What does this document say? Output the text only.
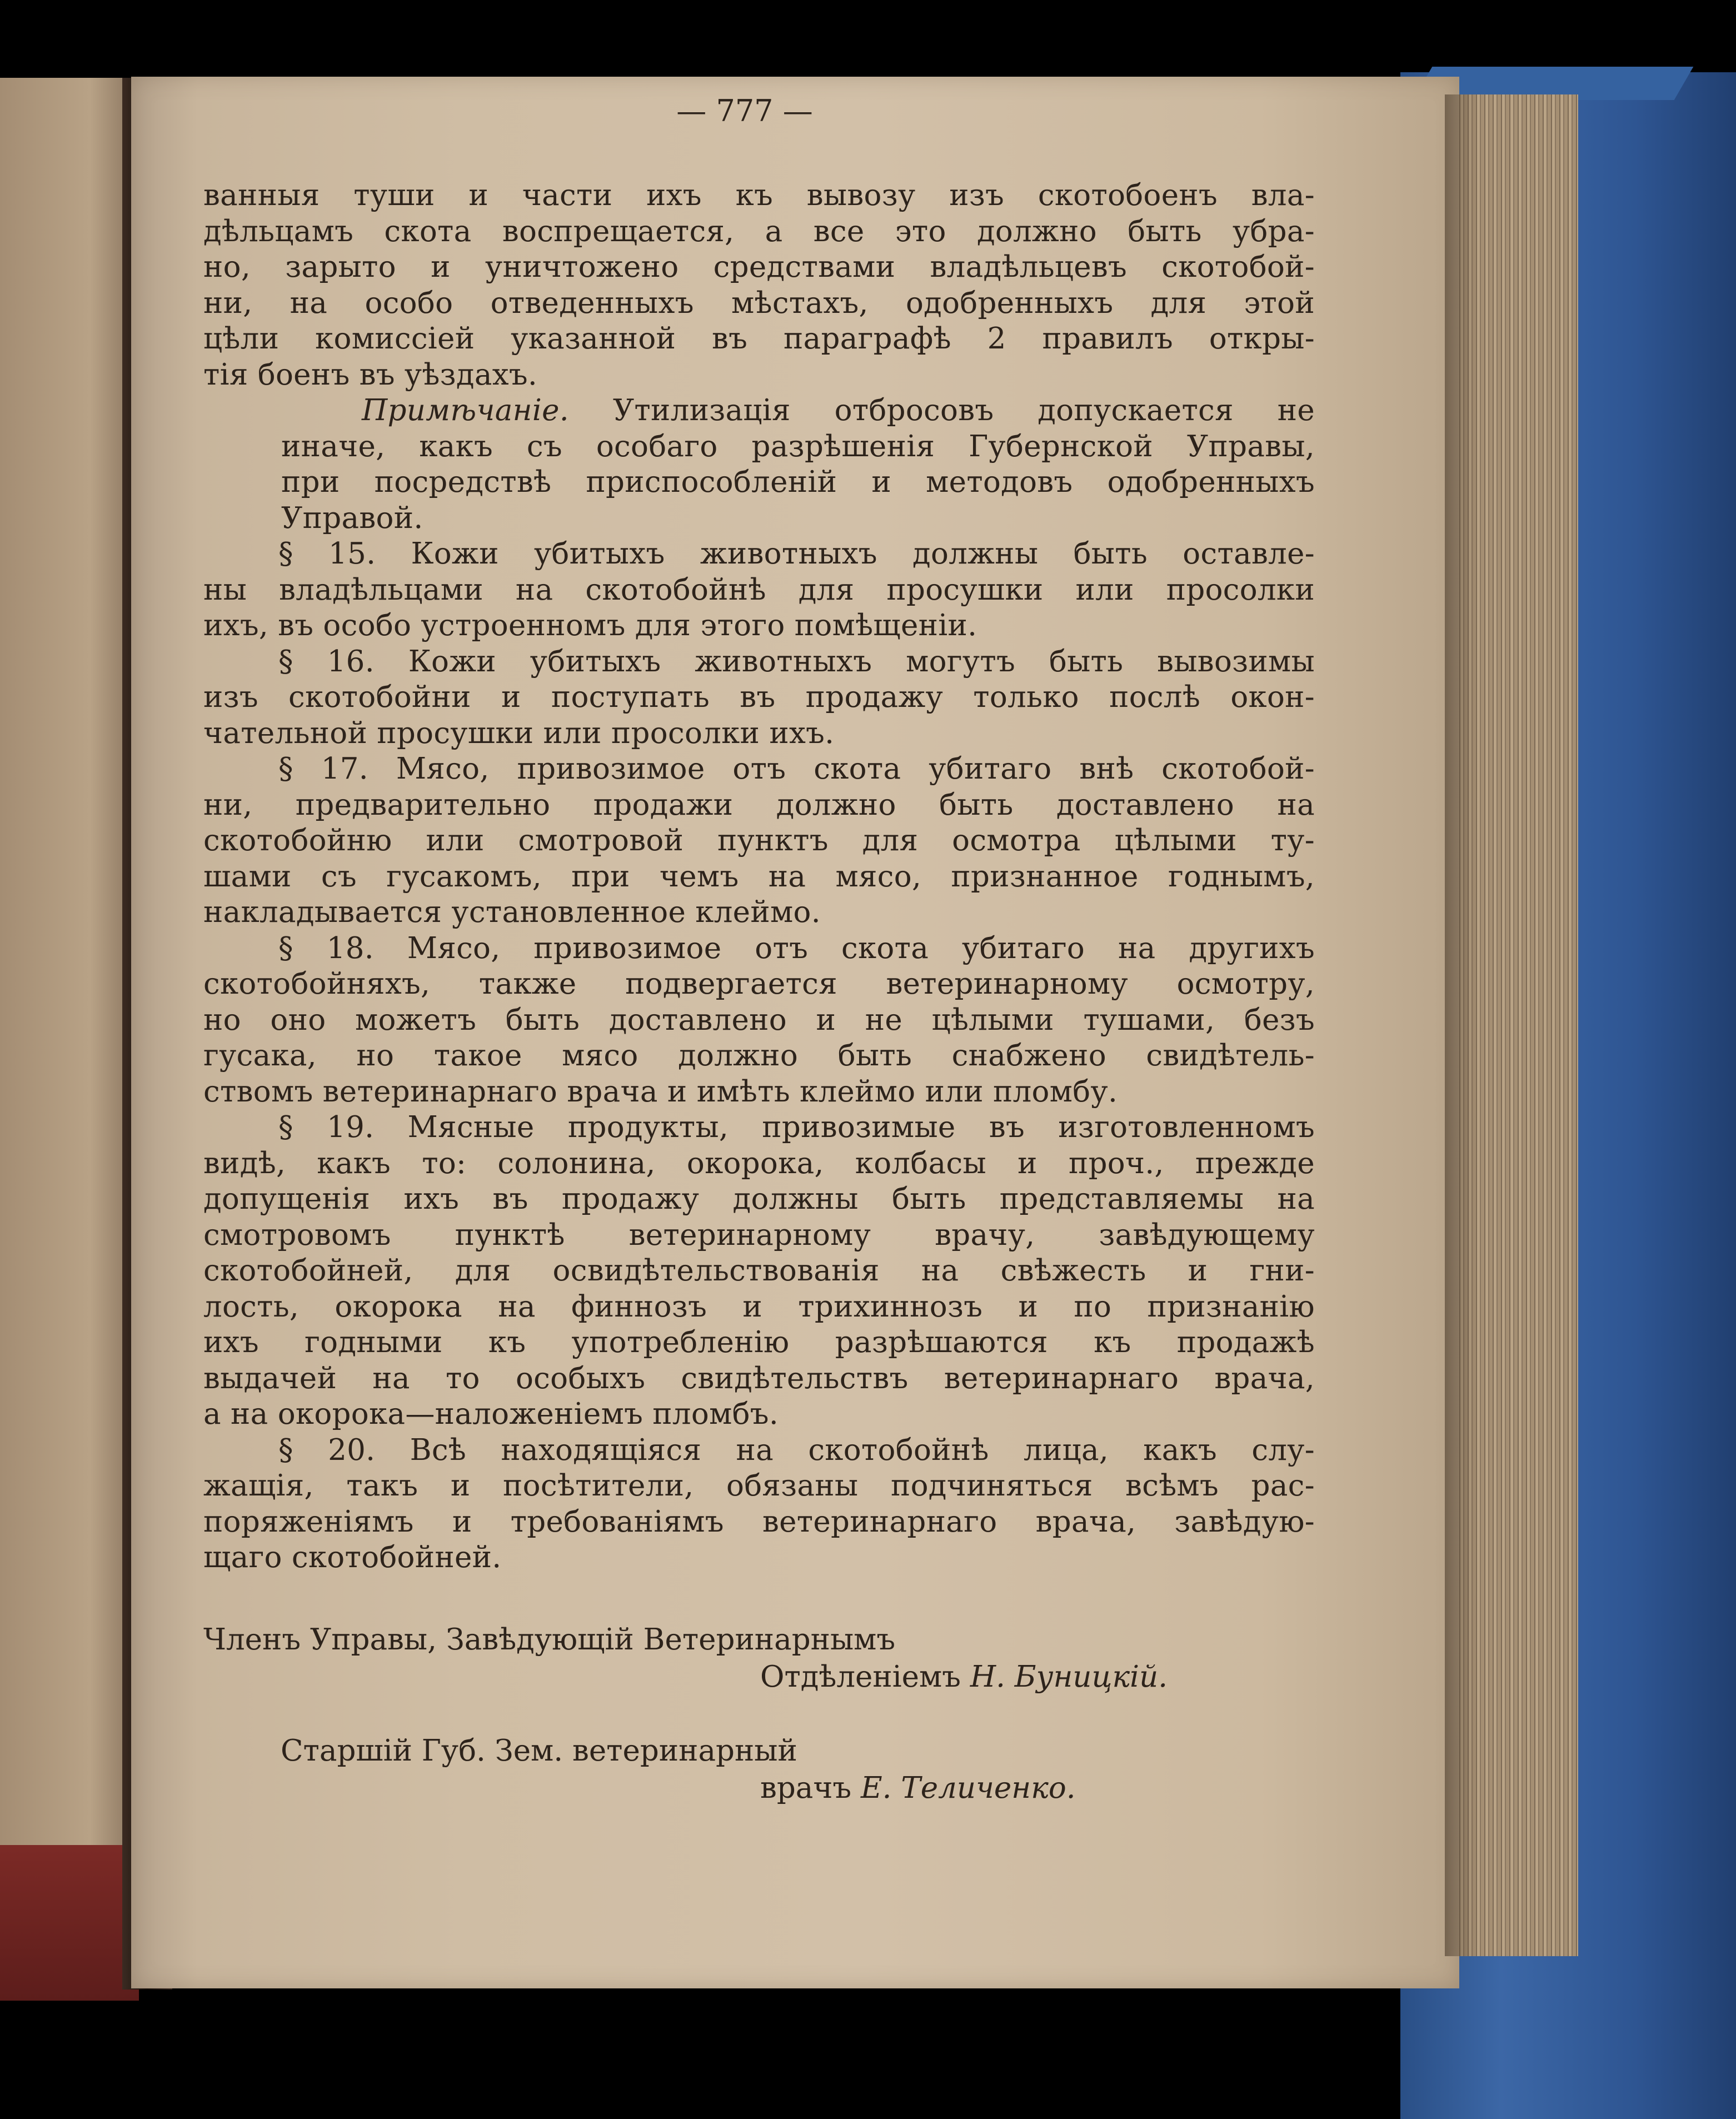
— 777 —
ванныя туши и части ихъ къ вывозу изъ скотобоенъ вла-
дѣльцамъ скота воспрещается, а все это должно быть убра-
но, зарыто и уничтожено средствами владѣльцевъ скотобой-
ни, на особо отведенныхъ мѣстахъ, одобренныхъ для этой
цѣли комиссіей указанной въ параграфѣ 2 правилъ откры-
тія боенъ въ уѣздахъ.
Примѣчаніе. Утилизація отбросовъ допускается не
иначе, какъ съ особаго разрѣшенія Губернской Управы,
при посредствѣ приспособленій и методовъ одобренныхъ
Управой.
§ 15. Кожи убитыхъ животныхъ должны быть оставле-
ны владѣльцами на скотобойнѣ для просушки или просолки
ихъ, въ особо устроенномъ для этого помѣщеніи.
§ 16. Кожи убитыхъ животныхъ могутъ быть вывозимы
изъ скотобойни и поступать въ продажу только послѣ окон-
чательной просушки или просолки ихъ.
§ 17. Мясо, привозимое отъ скота убитаго внѣ скотобой-
ни, предварительно продажи должно быть доставлено на
скотобойню или смотровой пунктъ для осмотра цѣлыми ту-
шами съ гусакомъ, при чемъ на мясо, признанное годнымъ,
накладывается установленное клеймо.
§ 18. Мясо, привозимое отъ скота убитаго на другихъ
скотобойняхъ, также подвергается ветеринарному осмотру,
но оно можетъ быть доставлено и не цѣлыми тушами, безъ
гусака, но такое мясо должно быть снабжено свидѣтель-
ствомъ ветеринарнаго врача и имѣть клеймо или пломбу.
§ 19. Мясные продукты, привозимые въ изготовленномъ
видѣ, какъ то: солонина, окорока, колбасы и проч., прежде
допущенія ихъ въ продажу должны быть представляемы на
смотровомъ пунктѣ ветеринарному врачу, завѣдующему
скотобойней, для освидѣтельствованія на свѣжесть и гни-
лость, окорока на финнозъ и трихиннозъ и по признанію
ихъ годными къ употребленію разрѣшаются къ продажѣ
выдачей на то особыхъ свидѣтельствъ ветеринарнаго врача,
а на окорока—наложеніемъ пломбъ.
§ 20. Всѣ находящіяся на скотобойнѣ лица, какъ слу-
жащія, такъ и посѣтители, обязаны подчиняться всѣмъ рас-
поряженіямъ и требованіямъ ветеринарнаго врача, завѣдую-
щаго скотобойней.
Членъ Управы, Завѣдующій Ветеринарнымъ
Отдѣленіемъ Н. Буницкій.
Старшій Губ. Зем. ветеринарный
врачъ Е. Теличенко.
